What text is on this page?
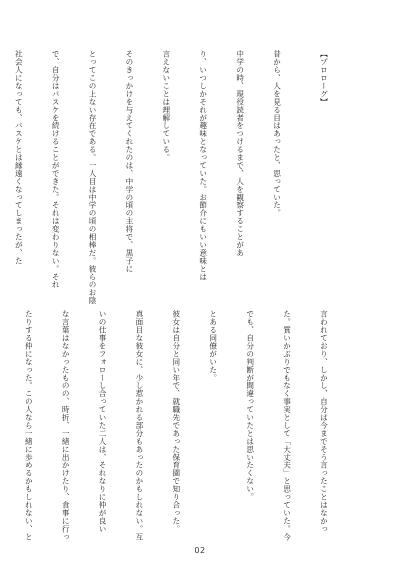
【プロローグ】

昔から、人を見る目はあったと、思っていた。

中学の時、現役読者をつけるまで、人を観察することがあ

り、いつしかそれが趣味となっていた。お節介にもいい意味とは

言えないことは理解している。

そのきっかけを与えてくれたのは、中学の頃の主将で、黒子に

とってこの上ない存在である。一人目は中学の頃の相棒だ。彼らのお陰

で、自分はバスケを続けることができた。それは変わりない。それ

社会人になっても、バスケとは縁遠くなってしまったが、た

言われており、しかし、自分は今までそう言ったことはなかっ

た。質いかぶりでもなく事実として「大丈夫」と思っていた。今

でも、自分の判断が間違っていたとは思いたくない。

とある同僚がいた。

彼女は自分と同い年で、就職先であった保育園で知り合った。

真面目な彼女に、少し惹かれる部分もあったのかもしれない。互

いの仕事をフォローし合っていた二人は、それなりに仲が良い

な言葉はなかったものの、時折、一緒に出かけたり、食事に行っ

たりする仲になった。この人なら一緒に歩めるかもしれない、と

02
